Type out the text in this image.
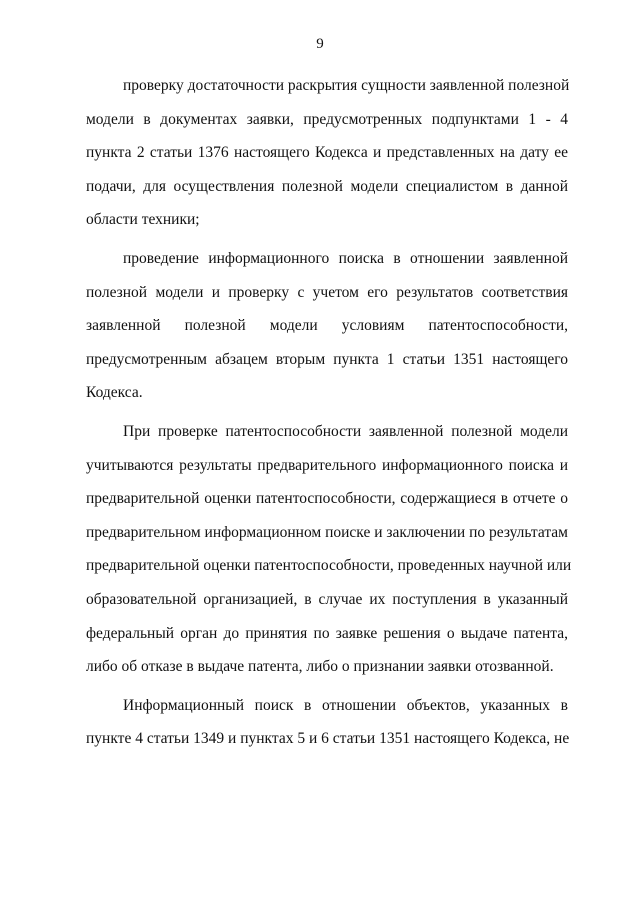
9
проверку достаточности раскрытия сущности заявленной полезной
модели в документах заявки, предусмотренных подпунктами 1 - 4
пункта 2 статьи 1376 настоящего Кодекса и представленных на дату ее
подачи, для осуществления полезной модели специалистом в данной
области техники;
проведение информационного поиска в отношении заявленной
полезной модели и проверку с учетом его результатов соответствия
заявленной полезной модели условиям патентоспособности,
предусмотренным абзацем вторым пункта 1 статьи 1351 настоящего
Кодекса.
При проверке патентоспособности заявленной полезной модели
учитываются результаты предварительного информационного поиска и
предварительной оценки патентоспособности, содержащиеся в отчете о
предварительном информационном поиске и заключении по результатам
предварительной оценки патентоспособности, проведенных научной или
образовательной организацией, в случае их поступления в указанный
федеральный орган до принятия по заявке решения о выдаче патента,
либо об отказе в выдаче патента, либо о признании заявки отозванной.
Информационный поиск в отношении объектов, указанных в
пункте 4 статьи 1349 и пунктах 5 и 6 статьи 1351 настоящего Кодекса, не
